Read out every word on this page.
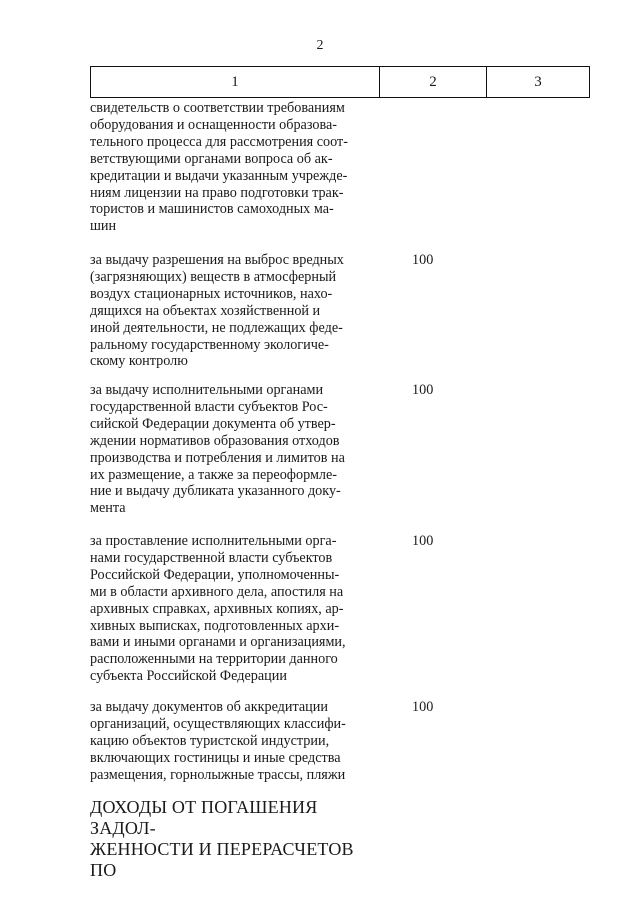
2
1	2	3

свидетельств о соответствии требованиям
оборудования и оснащенности образова-
тельного процесса для рассмотрения соот-
ветствующими органами вопроса об ак-
кредитации и выдачи указанным учрежде-
ниям лицензии на право подготовки трак-
тористов и машинистов самоходных ма-
шин

за выдачу разрешения на выброс вредных
(загрязняющих) веществ в атмосферный
воздух стационарных источников, нахо-
дящихся на объектах хозяйственной и
иной деятельности, не подлежащих феде-
ральному государственному экологиче-
скому контролю

100

за выдачу исполнительными органами
государственной власти субъектов Рос-
сийской Федерации документа об утвер-
ждении нормативов образования отходов
производства и потребления и лимитов на
их размещение, а также за переоформле-
ние и выдачу дубликата указанного доку-
мента

100

за проставление исполнительными орга-
нами государственной власти субъектов
Российской Федерации, уполномоченны-
ми в области архивного дела, апостиля на
архивных справках, архивных копиях, ар-
хивных выписках, подготовленных архи-
вами и иными органами и организациями,
расположенными на территории данного
субъекта Российской Федерации

100

за выдачу документов об аккредитации
организаций, осуществляющих классифи-
кацию объектов туристской индустрии,
включающих гостиницы и иные средства
размещения, горнолыжные трассы, пляжи

100
ДОХОДЫ ОТ ПОГАШЕНИЯ ЗАДОЛ-
ЖЕННОСТИ И ПЕРЕРАСЧЕТОВ ПО
